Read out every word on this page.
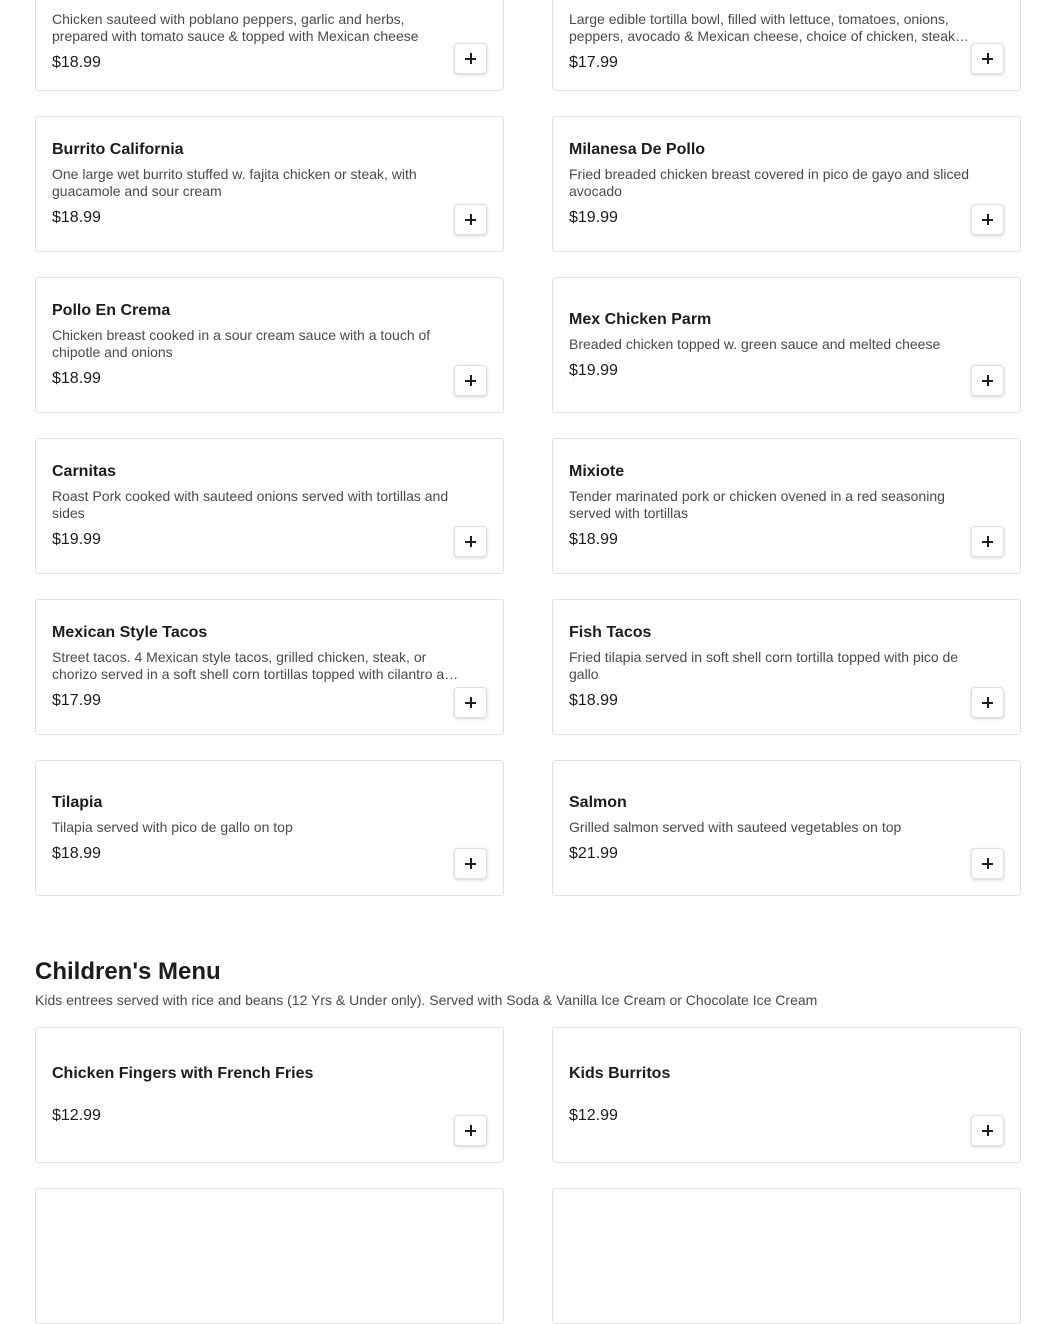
Chicken sauteed with poblano peppers, garlic and herbs, prepared with tomato sauce & topped with Mexican cheese
$18.99
Large edible tortilla bowl, filled with lettuce, tomatoes, onions, peppers, avocado & Mexican cheese, choice of chicken, steak
$17.99
Burrito California
One large wet burrito stuffed w. fajita chicken or steak, with guacamole and sour cream
$18.99
Milanesa De Pollo
Fried breaded chicken breast covered in pico de gayo and sliced avocado
$19.99
Pollo En Crema
Chicken breast cooked in a sour cream sauce with a touch of chipotle and onions
$18.99
Mex Chicken Parm
Breaded chicken topped w. green sauce and melted cheese
$19.99
Carnitas
Roast Pork cooked with sauteed onions served with tortillas and sides
$19.99
Mixiote
Tender marinated pork or chicken ovened in a red seasoning served with tortillas
$18.99
Mexican Style Tacos
Street tacos. 4 Mexican style tacos, grilled chicken, steak, or chorizo served in a soft shell corn tortillas topped with cilantro and
$17.99
Fish Tacos
Fried tilapia served in soft shell corn tortilla topped with pico de gallo
$18.99
Tilapia
Tilapia served with pico de gallo on top
$18.99
Salmon
Grilled salmon served with sauteed vegetables on top
$21.99
Children's Menu
Kids entrees served with rice and beans (12 Yrs & Under only). Served with Soda & Vanilla Ice Cream or Chocolate Ice Cream
Chicken Fingers with French Fries
$12.99
Kids Burritos
$12.99
